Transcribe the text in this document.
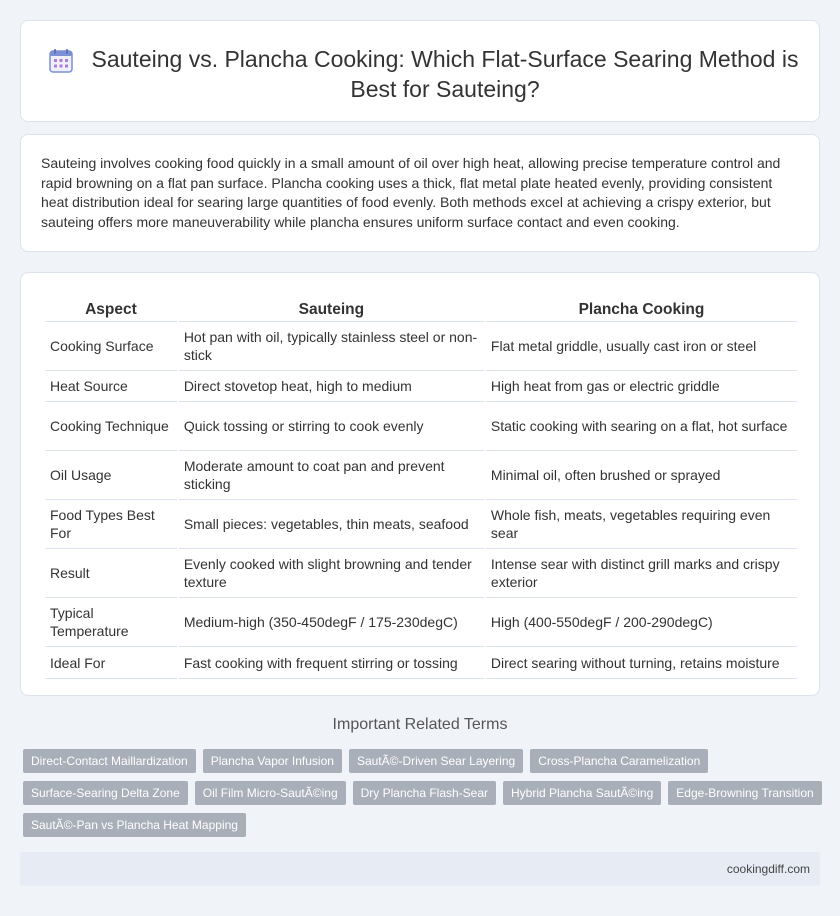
Sauteing vs. Plancha Cooking: Which Flat-Surface Searing Method is Best for Sauteing?

Sauteing involves cooking food quickly in a small amount of oil over high heat, allowing precise temperature control and rapid browning on a flat pan surface. Plancha cooking uses a thick, flat metal plate heated evenly, providing consistent heat distribution ideal for searing large quantities of food evenly. Both methods excel at achieving a crispy exterior, but sauteing offers more maneuverability while plancha ensures uniform surface contact and even cooking.

Aspect	Sauteing	Plancha Cooking
Cooking Surface	Hot pan with oil, typically stainless steel or non-stick	Flat metal griddle, usually cast iron or steel
Heat Source	Direct stovetop heat, high to medium	High heat from gas or electric griddle
Cooking Technique	Quick tossing or stirring to cook evenly	Static cooking with searing on a flat, hot surface
Oil Usage	Moderate amount to coat pan and prevent sticking	Minimal oil, often brushed or sprayed
Food Types Best For	Small pieces: vegetables, thin meats, seafood	Whole fish, meats, vegetables requiring even sear
Result	Evenly cooked with slight browning and tender texture	Intense sear with distinct grill marks and crispy exterior
Typical Temperature	Medium-high (350-450degF / 175-230degC)	High (400-550degF / 200-290degC)
Ideal For	Fast cooking with frequent stirring or tossing	Direct searing without turning, retains moisture
Important Related Terms
Direct-Contact Maillardization	Plancha Vapor Infusion	SautÃ©-Driven Sear Layering	Cross-Plancha Caramelization
Surface-Searing Delta Zone	Oil Film Micro-SautÃ©ing	Dry Plancha Flash-Sear	Hybrid Plancha SautÃ©ing	Edge-Browning Transition
SautÃ©-Pan vs Plancha Heat Mapping
cookingdiff.com
